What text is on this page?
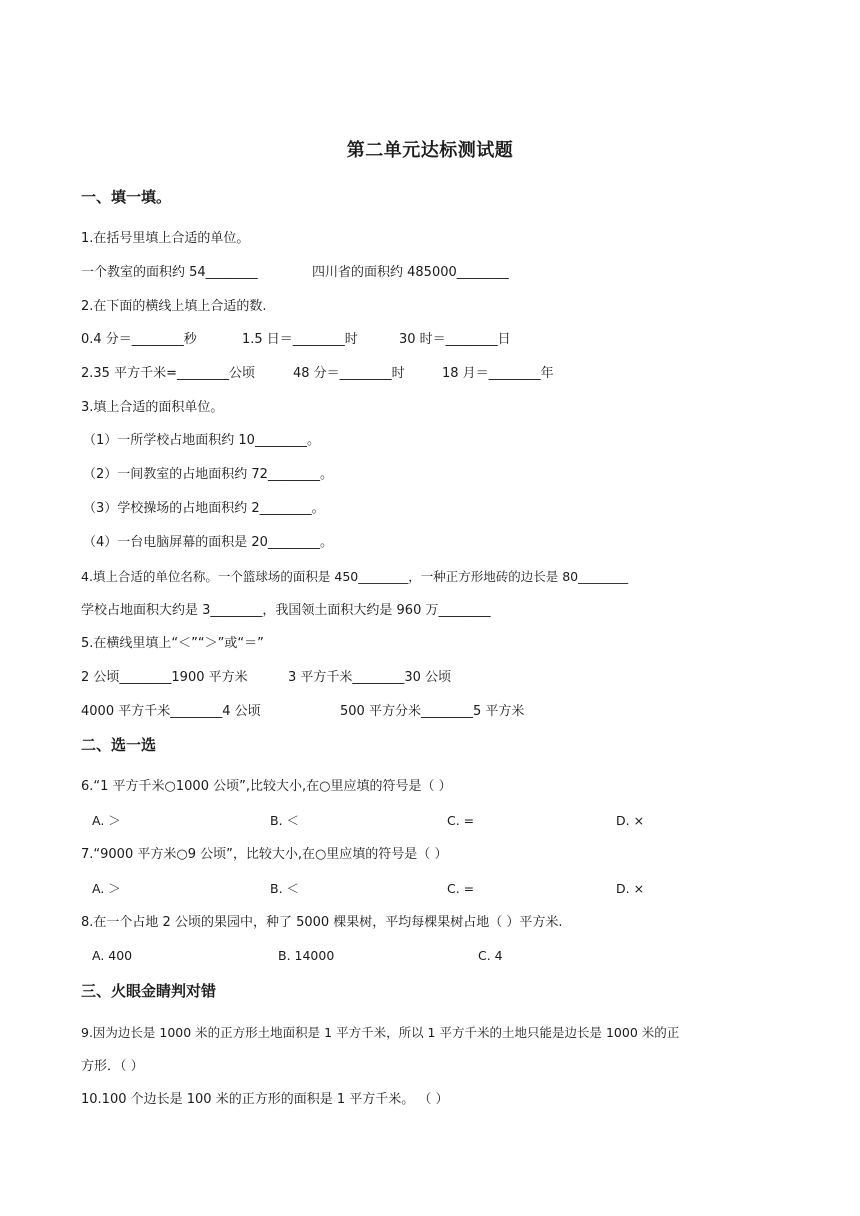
第二单元达标测试题
一、填一填。
1.在括号里填上合适的单位。
一个教室的面积约 54________	四川省的面积约 485000________
2.在下面的横线上填上合适的数.
0.4 分＝________秒	1.5 日＝________时	30 时＝________日
2.35 平方千米=________公顷	48 分＝________时	18 月＝________年
3.填上合适的面积单位。
（1）一所学校占地面积约 10________。
（2）一间教室的占地面积约 72________。
（3）学校操场的占地面积约 2________。
（4）一台电脑屏幕的面积是 20________。
4.填上合适的单位名称。一个篮球场的面积是 450________，一种正方形地砖的边长是 80________
学校占地面积大约是 3________，我国领土面积大约是 960 万________
5.在横线里填上“＜”“＞”或“＝”
2 公顷________1900 平方米	3 平方千米________30 公顷
4000 平方千米________4 公顷	500 平方分米________5 平方米
二、选一选
6.“1 平方千米○1000 公顷”,比较大小,在○里应填的符号是（ ）
A. ＞	B. ＜	C. =	D. ×
7.“9000 平方米○9 公顷”，比较大小,在○里应填的符号是（ ）
A. ＞	B. ＜	C. =	D. ×
8.在一个占地 2 公顷的果园中，种了 5000 棵果树，平均每棵果树占地（ ）平方米.
A. 400	B. 14000	C. 4
三、火眼金睛判对错
9.因为边长是 1000 米的正方形土地面积是 1 平方千米，所以 1 平方千米的土地只能是边长是 1000 米的正
方形．（ ）
10.100 个边长是 100 米的正方形的面积是 1 平方千米。 （ ）
